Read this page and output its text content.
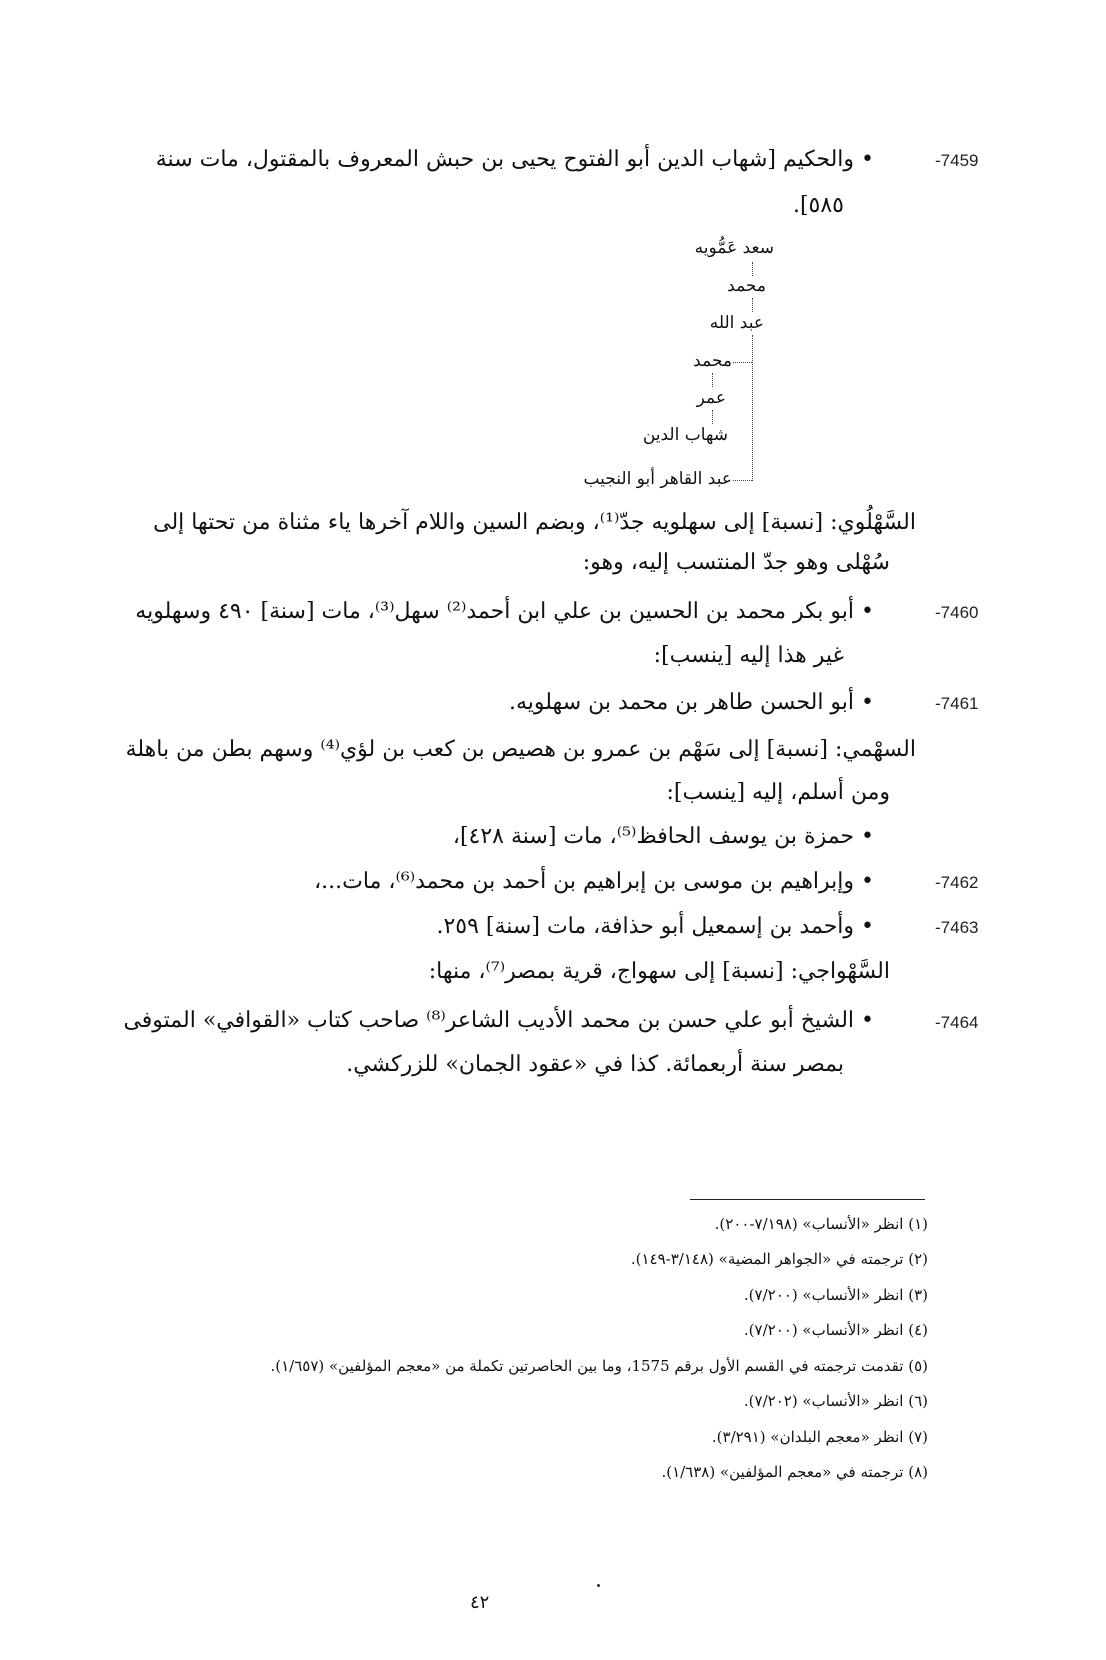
-7459
• والحكيم [شهاب الدين أبو الفتوح يحيى بن حبش المعروف بالمقتول، مات سنة
٥٨٥].
سعد عَمُّويه
محمد
عبد الله
محمد
عمر
شهاب الدين
عبد القاهر أبو النجيب
السَّهْلُوي: [نسبة] إلى سهلويه جدّ⁽¹⁾، وبضم السين واللام آخرها ياء مثناة من تحتها إلى
سُهْلى وهو جدّ المنتسب إليه، وهو:
-7460
• أبو بكر محمد بن الحسين بن علي ابن أحمد⁽²⁾ سهل⁽³⁾، مات [سنة] ٤٩٠ وسهلويه
غير هذا إليه [ينسب]:
-7461
• أبو الحسن طاهر بن محمد بن سهلويه.
السهْمي: [نسبة] إلى سَهْم بن عمرو بن هصيص بن كعب بن لؤي⁽⁴⁾ وسهم بطن من باهلة
ومن أسلم، إليه [ينسب]:
• حمزة بن يوسف الحافظ⁽⁵⁾، مات [سنة ٤٢٨]،
-7462
• وإبراهيم بن موسى بن إبراهيم بن أحمد بن محمد⁽⁶⁾، مات...،
-7463
• وأحمد بن إسمعيل أبو حذافة، مات [سنة] ٢٥٩.
السَّهْواجي: [نسبة] إلى سهواج، قرية بمصر⁽⁷⁾، منها:
-7464
• الشيخ أبو علي حسن بن محمد الأديب الشاعر⁽⁸⁾ صاحب كتاب «القوافي» المتوفى
بمصر سنة أربعمائة. كذا في «عقود الجمان» للزركشي.
(١) انظر «الأنساب» (٧/١٩٨-٢٠٠).
(٢) ترجمته في «الجواهر المضية» (٣/١٤٨-١٤٩).
(٣) انظر «الأنساب» (٧/٢٠٠).
(٤) انظر «الأنساب» (٧/٢٠٠).
(٥) تقدمت ترجمته في القسم الأول برقم 1575، وما بين الحاصرتين تكملة من «معجم المؤلفين» (١/٦٥٧).
(٦) انظر «الأنساب» (٧/٢٠٢).
(٧) انظر «معجم البلدان» (٣/٢٩١).
(٨) ترجمته في «معجم المؤلفين» (١/٦٣٨).
٤٢
